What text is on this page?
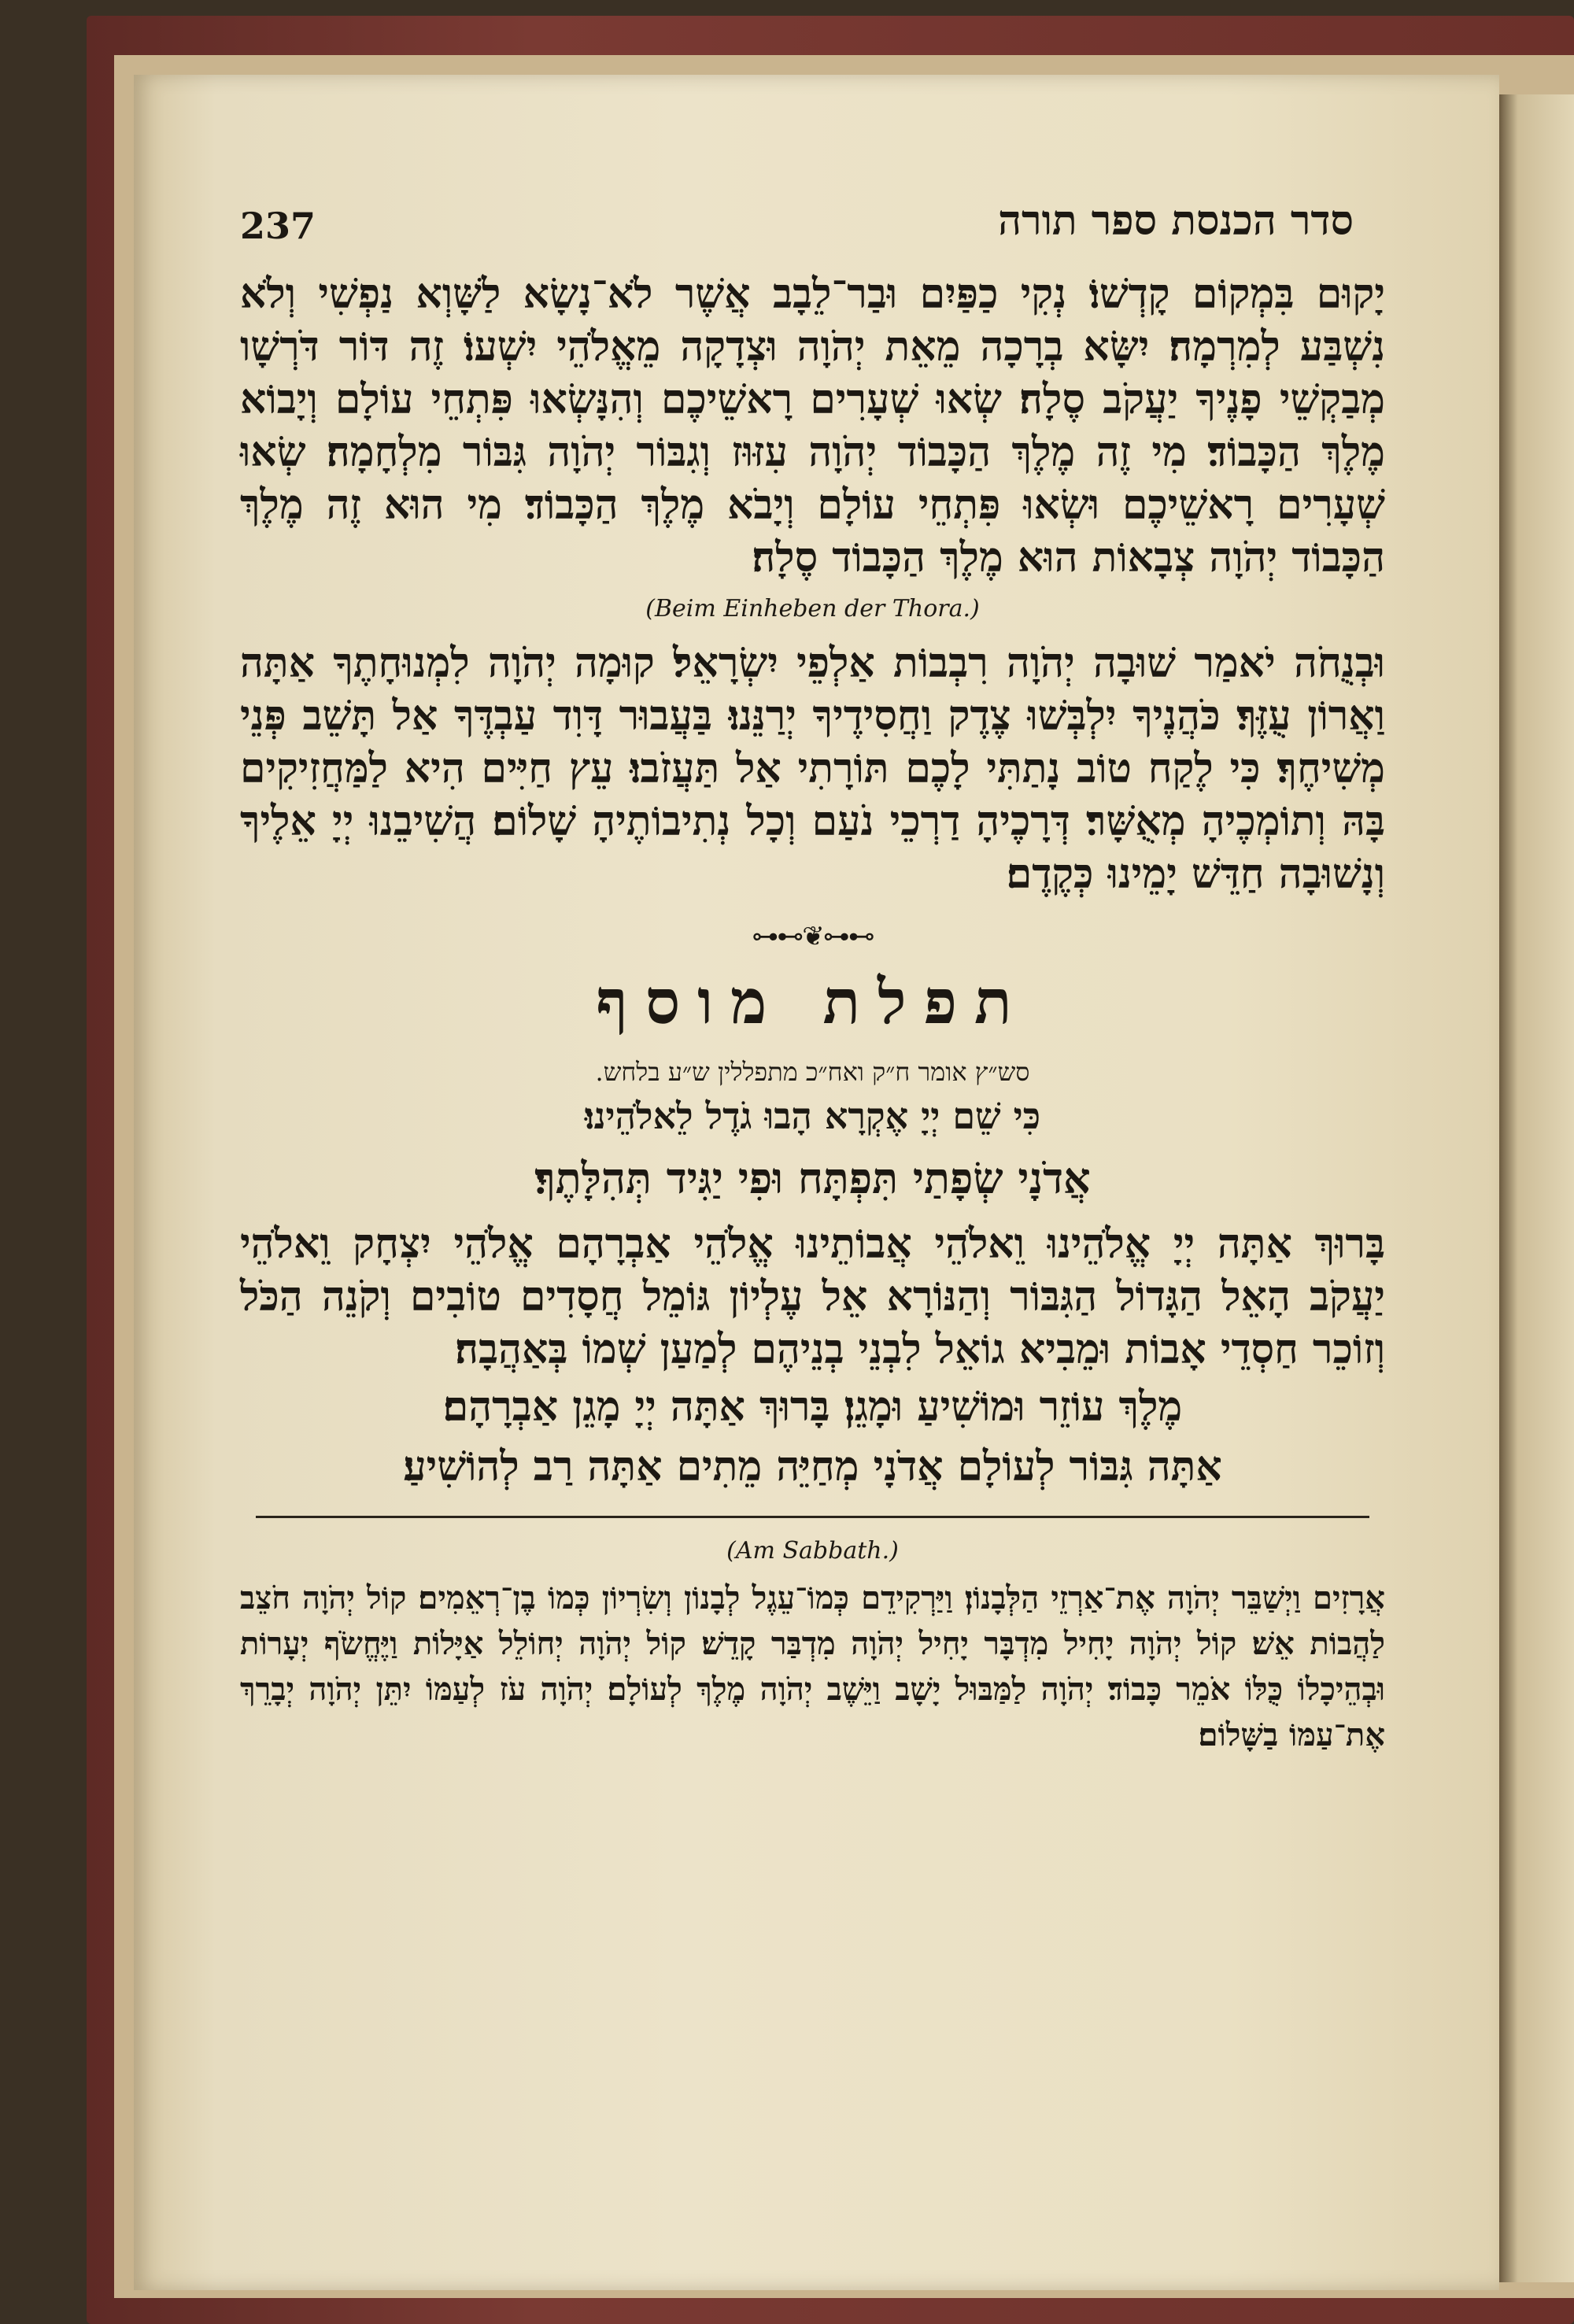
237	סדר הכנסת ספר תורה

יָקוּם בִּמְקוֹם קָדְשׁוֹ׃ נְקִי כַפַּיִם וּבַר־לֵבָב אֲשֶׁר לֹא־נָשָׂא לַשָּׁוְא נַפְשִׁי וְלֹא נִשְׁבַּע לְמִרְמָה׃ יִשָּׂא בְרָכָה מֵאֵת יְהֹוָה וּצְדָקָה מֵאֱלֹהֵי יִשְׁעוֹ׃ זֶה דּוֹר דֹּרְשָׁו מְבַקְשֵׁי פָנֶיךָ יַעֲקֹב סֶלָה׃ שְׂאוּ שְׁעָרִים רָאשֵׁיכֶם וְהִנָּשְׂאוּ פִּתְחֵי עוֹלָם וְיָבוֹא מֶלֶךְ הַכָּבוֹד׃ מִי זֶה מֶלֶךְ הַכָּבוֹד יְהֹוָה עִזּוּז וְגִבּוֹר יְהֹוָה גִּבּוֹר מִלְחָמָה׃ שְׂאוּ שְׁעָרִים רָאשֵׁיכֶם וּשְׂאוּ פִּתְחֵי עוֹלָם וְיָבֹא מֶלֶךְ הַכָּבוֹד׃ מִי הוּא זֶה מֶלֶךְ הַכָּבוֹד יְהֹוָה צְבָאוֹת הוּא מֶלֶךְ הַכָּבוֹד סֶלָה׃

(Beim Einheben der Thora.)

וּבְנֻחֹה יֹאמַר שׁוּבָה יְהֹוָה רִבְבוֹת אַלְפֵי יִשְׂרָאֵל׃ קוּמָה יְהֹוָה לִמְנוּחָתֶךָ אַתָּה וַאֲרוֹן עֻזֶּךָ׃ כֹּהֲנֶיךָ יִלְבְּשׁוּ צֶדֶק וַחֲסִידֶיךָ יְרַנֵּנוּ׃ בַּעֲבוּר דָּוִד עַבְדֶּךָ אַל תָּשֵׁב פְּנֵי מְשִׁיחֶךָ׃ כִּי לֶקַח טוֹב נָתַתִּי לָכֶם תּוֹרָתִי אַל תַּעֲזֹבוּ׃ עֵץ חַיִּים הִיא לַמַּחֲזִיקִים בָּהּ וְתוֹמְכֶיהָ מְאֻשָּׁר׃ דְּרָכֶיהָ דַרְכֵי נֹעַם וְכָל נְתִיבוֹתֶיהָ שָׁלוֹם׃ הֲשִׁיבֵנוּ יְיָ אֵלֶיךָ וְנָשׁוּבָה חַדֵּשׁ יָמֵינוּ כְּקֶדֶם׃

⊶⊷❦⊶⊷
תפלת מוסף

סש״ץ אומר ח״ק ואח״כ מתפללין ש״ע בלחש.

כִּי שֵׁם יְיָ אֶקְרָא הָבוּ גֹדֶל לֵאלֹהֵינוּ׃

אֲדֹנָי שְׂפָתַי תִּפְתָּח וּפִי יַגִּיד תְּהִלָּתֶךָ׃

בָּרוּךְ אַתָּה יְיָ אֱלֹהֵינוּ וֵאלֹהֵי אֲבוֹתֵינוּ אֱלֹהֵי אַבְרָהָם אֱלֹהֵי יִצְחָק וֵאלֹהֵי יַעֲקֹב הָאֵל הַגָּדוֹל הַגִּבּוֹר וְהַנּוֹרָא אֵל עֶלְיוֹן גּוֹמֵל חֲסָדִים טוֹבִים וְקֹנֵה הַכֹּל וְזוֹכֵר חַסְדֵי אָבוֹת וּמֵבִיא גוֹאֵל לִבְנֵי בְנֵיהֶם לְמַעַן שְׁמוֹ בְּאַהֲבָה׃

מֶלֶךְ עוֹזֵר וּמוֹשִׁיעַ וּמָגֵן׃ בָּרוּךְ אַתָּה יְיָ מָגֵן אַבְרָהָם׃

אַתָּה גִּבּוֹר לְעוֹלָם אֲדֹנָי מְחַיֵּה מֵתִים אַתָּה רַב לְהוֹשִׁיעַ׃

(Am Sabbath.)

אֲרָזִים וַיְשַׁבֵּר יְהֹוָה אֶת־אַרְזֵי הַלְּבָנוֹן׃ וַיַּרְקִידֵם כְּמוֹ־עֵגֶל לְבָנוֹן וְשִׂרְיוֹן כְּמוֹ בֶן־רְאֵמִים׃ קוֹל יְהֹוָה חֹצֵב לַהֲבוֹת אֵשׁ׃ קוֹל יְהֹוָה יָחִיל מִדְבָּר יָחִיל יְהֹוָה מִדְבַּר קָדֵשׁ׃ קוֹל יְהֹוָה יְחוֹלֵל אַיָּלוֹת וַיֶּחֱשֹׂף יְעָרוֹת וּבְהֵיכָלוֹ כֻּלּוֹ אֹמֵר כָּבוֹד׃ יְהֹוָה לַמַּבּוּל יָשָׁב וַיֵּשֶׁב יְהֹוָה מֶלֶךְ לְעוֹלָם׃ יְהֹוָה עֹז לְעַמּוֹ יִתֵּן יְהֹוָה יְבָרֵךְ אֶת־עַמּוֹ בַשָּׁלוֹם׃
